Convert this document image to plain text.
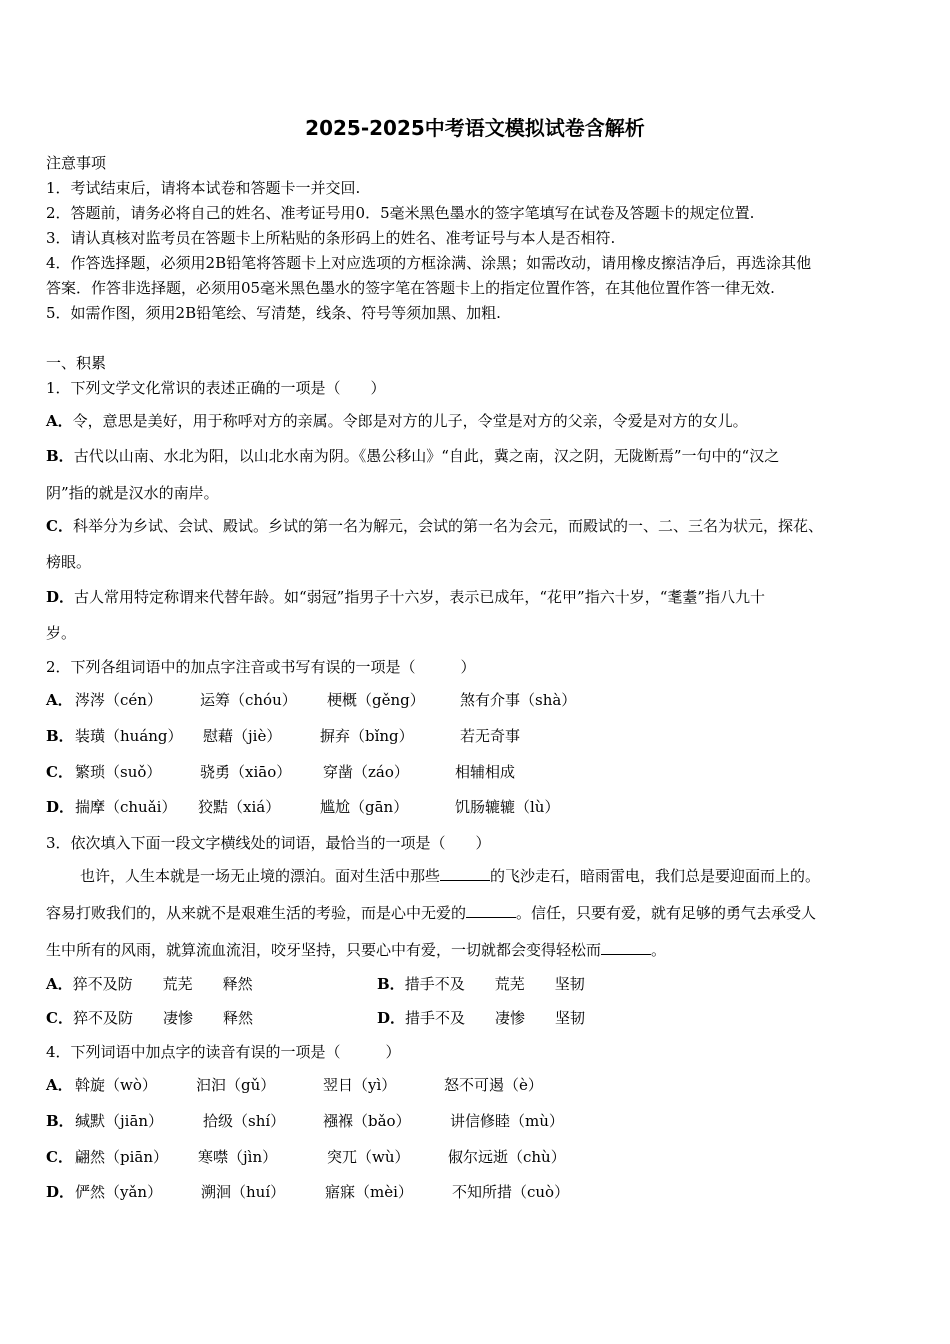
2025-2025中考语文模拟试卷含解析
注意事项
1．考试结束后，请将本试卷和答题卡一并交回.
2．答题前，请务必将自己的姓名、准考证号用0．5毫米黑色墨水的签字笔填写在试卷及答题卡的规定位置.
3．请认真核对监考员在答题卡上所粘贴的条形码上的姓名、准考证号与本人是否相符.
4．作答选择题，必须用2B铅笔将答题卡上对应选项的方框涂满、涂黑；如需改动，请用橡皮擦洁净后，再选涂其他
答案．作答非选择题，必须用05毫米黑色墨水的签字笔在答题卡上的指定位置作答，在其他位置作答一律无效.
5．如需作图，须用2B铅笔绘、写清楚，线条、符号等须加黑、加粗.
一、积累
1．下列文学文化常识的表述正确的一项是（　　）
A．令，意思是美好，用于称呼对方的亲属。令郎是对方的儿子，令堂是对方的父亲，令爱是对方的女儿。
B．古代以山南、水北为阳，以山北水南为阴。《愚公移山》“自此，冀之南，汉之阴，无陇断焉”一句中的“汉之
阴”指的就是汉水的南岸。
C．科举分为乡试、会试、殿试。乡试的第一名为解元，会试的第一名为会元，而殿试的一、二、三名为状元，探花、
榜眼。
D．古人常用特定称谓来代替年龄。如“弱冠”指男子十六岁，表示已成年，“花甲”指六十岁，“耄耋”指八九十
岁。
2．下列各组词语中的加点字注音或书写有误的一项是（　　　）
A． 涔涔（cén）	运筹（chóu） 梗概（gěng） 煞有介事（shà）
B． 装璜（huáng） 慰藉（jiè）	摒弃（bǐng）	若无奇事
C． 繁琐（suǒ）	骁勇（xiāo） 穿凿（záo）	相辅相成
D． 揣摩（chuǎi） 狡黠（xiá）	尴尬（gān）	饥肠辘辘（lù）
3．依次填入下面一段文字横线处的词语，最恰当的一项是（　　）
也许，人生本就是一场无止境的漂泊。面对生活中那些	的飞沙走石，暗雨雷电，我们总是要迎面而上的。
容易打败我们的，从来就不是艰难生活的考验，而是心中无爱的	。信任，只要有爱，就有足够的勇气去承受人
生中所有的风雨，就算流血流泪，咬牙坚持，只要心中有爱，一切就都会变得轻松而	。
A．猝不及防　　荒芜　　释然	B．措手不及　　荒芜　　坚韧
C．猝不及防　　凄惨　　释然	D．措手不及　　凄惨　　坚韧
4．下列词语中加点字的读音有误的一项是（　　　）
A． 斡旋（wò）	汩汩（gǔ）	翌日（yì）	怒不可遏（è）
B． 缄默（jiān）	拾级（shí）	襁褓（bǎo）	讲信修睦（mù）
C． 翩然（piān） 寒噤（jìn）	突兀（wù）	俶尔远逝（chù）
D． 俨然（yǎn）	溯洄（huí）	寤寐（mèi）	不知所措（cuò）
